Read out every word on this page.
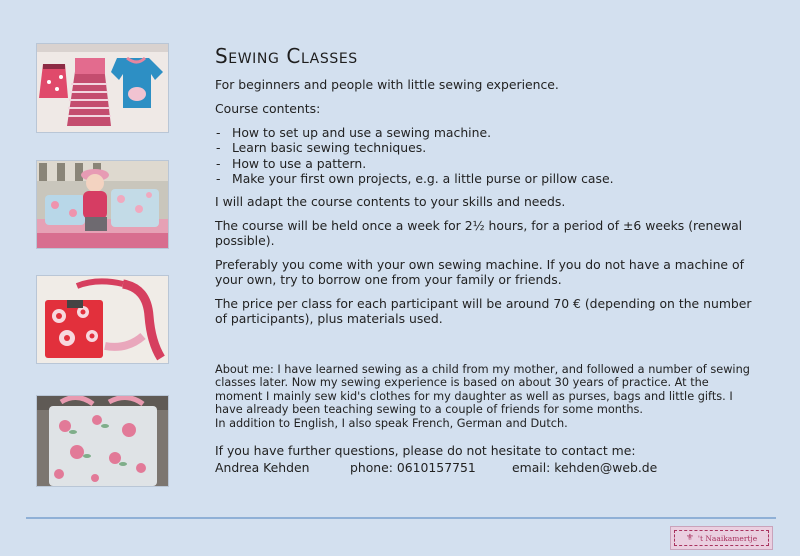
Sewing Classes

For beginners and people with little sewing experience.

Course contents:

- How to set up and use a sewing machine.
- Learn basic sewing techniques.
- How to use a pattern.
- Make your first own projects, e.g. a little purse or pillow case.

I will adapt the course contents to your skills and needs.

The course will be held once a week for 2½ hours, for a period of ±6 weeks (renewal possible).

Preferably you come with your own sewing machine. If you do not have a machine of your own, try to borrow one from your family or friends.

The price per class for each participant will be around 70 € (depending on the number of participants), plus materials used.

About me: I have learned sewing as a child from my mother, and followed a number of sewing classes later. Now my sewing experience is based on about 30 years of practice. At the moment I mainly sew kid's clothes for my daughter as well as purses, bags and little gifts. I have already been teaching sewing to a couple of friends for some months.
In addition to English, I also speak French, German and Dutch.
If you have further questions, please do not hesitate to contact me:
Andrea Kehden	phone: 0610157751	email: kehden@web.de
⚜ 't Naaikamertje
